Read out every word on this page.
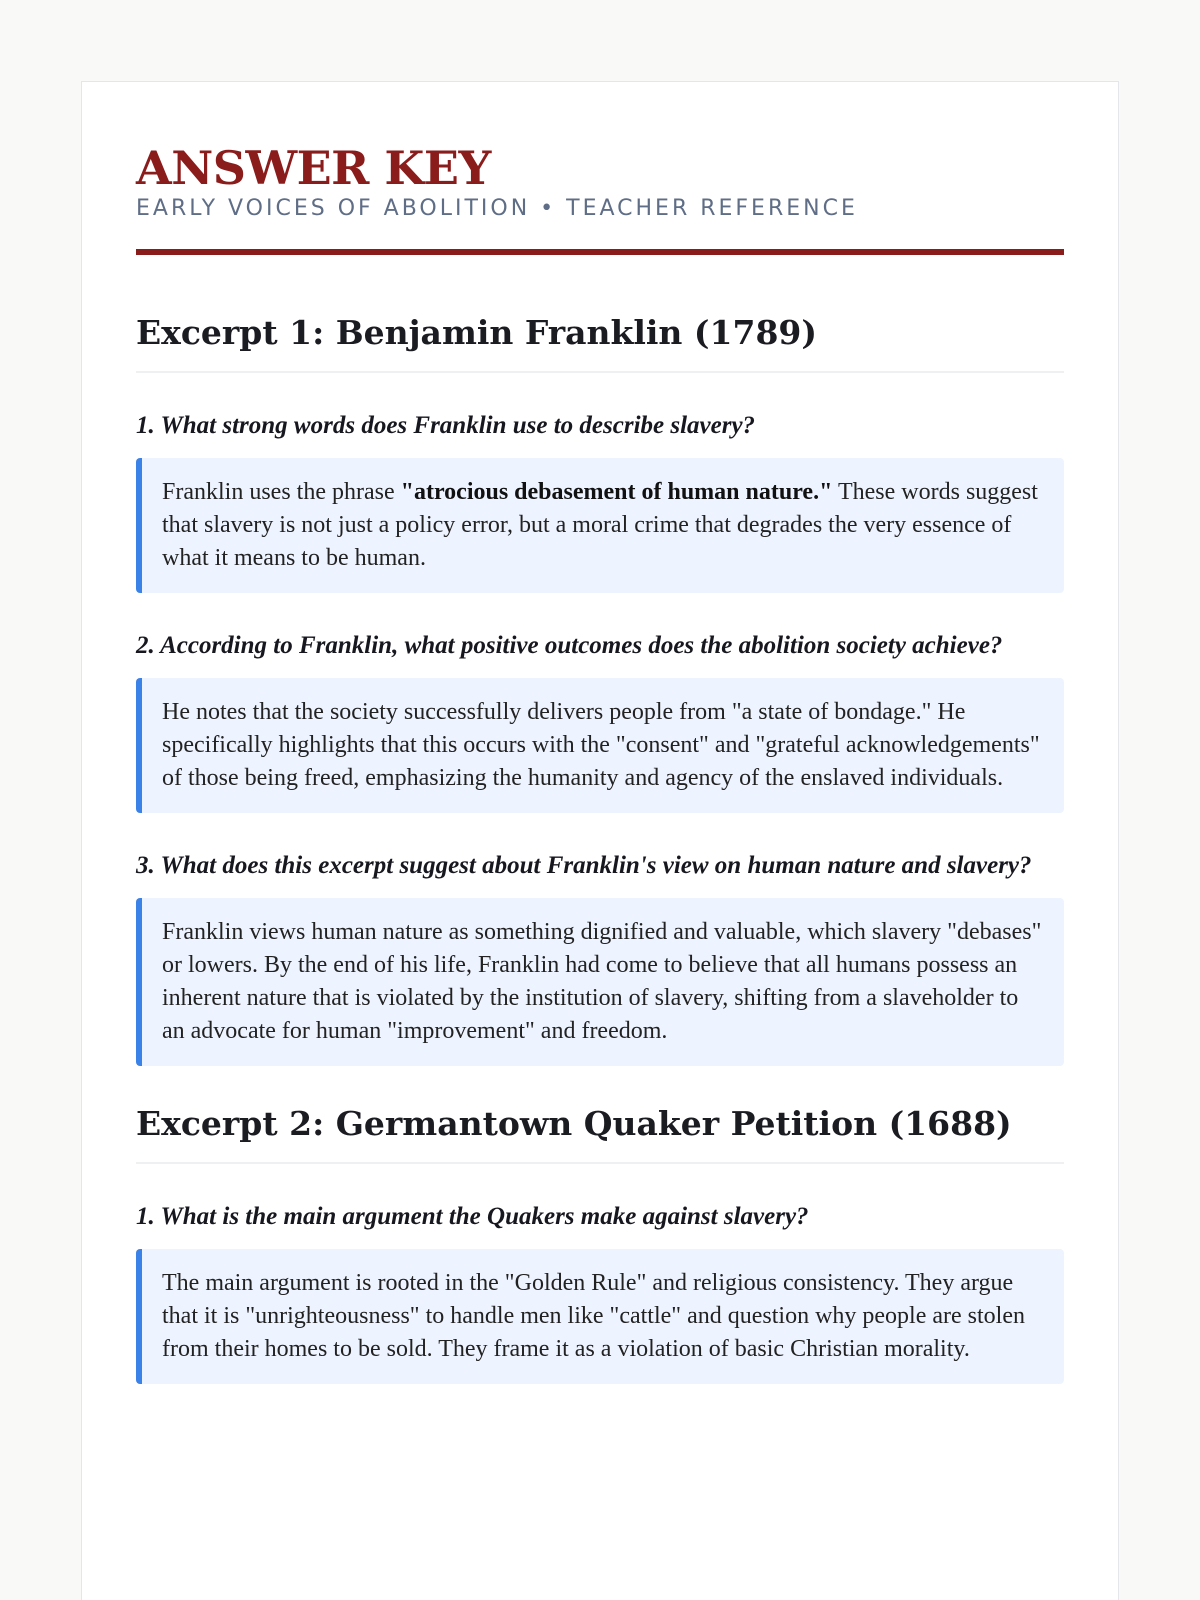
ANSWER KEY
EARLY VOICES OF ABOLITION • TEACHER REFERENCE
Excerpt 1: Benjamin Franklin (1789)

1. What strong words does Franklin use to describe slavery?

Franklin uses the phrase "atrocious debasement of human nature." These words suggest that slavery is not just a policy error, but a moral crime that degrades the very essence of what it means to be human.

2. According to Franklin, what positive outcomes does the abolition society achieve?

He notes that the society successfully delivers people from "a state of bondage." He specifically highlights that this occurs with the "consent" and "grateful acknowledgements" of those being freed, emphasizing the humanity and agency of the enslaved individuals.

3. What does this excerpt suggest about Franklin's view on human nature and slavery?

Franklin views human nature as something dignified and valuable, which slavery "debases" or lowers. By the end of his life, Franklin had come to believe that all humans possess an inherent nature that is violated by the institution of slavery, shifting from a slaveholder to an advocate for human "improvement" and freedom.
Excerpt 2: Germantown Quaker Petition (1688)

1. What is the main argument the Quakers make against slavery?

The main argument is rooted in the "Golden Rule" and religious consistency. They argue that it is "unrighteousness" to handle men like "cattle" and question why people are stolen from their homes to be sold. They frame it as a violation of basic Christian morality.
